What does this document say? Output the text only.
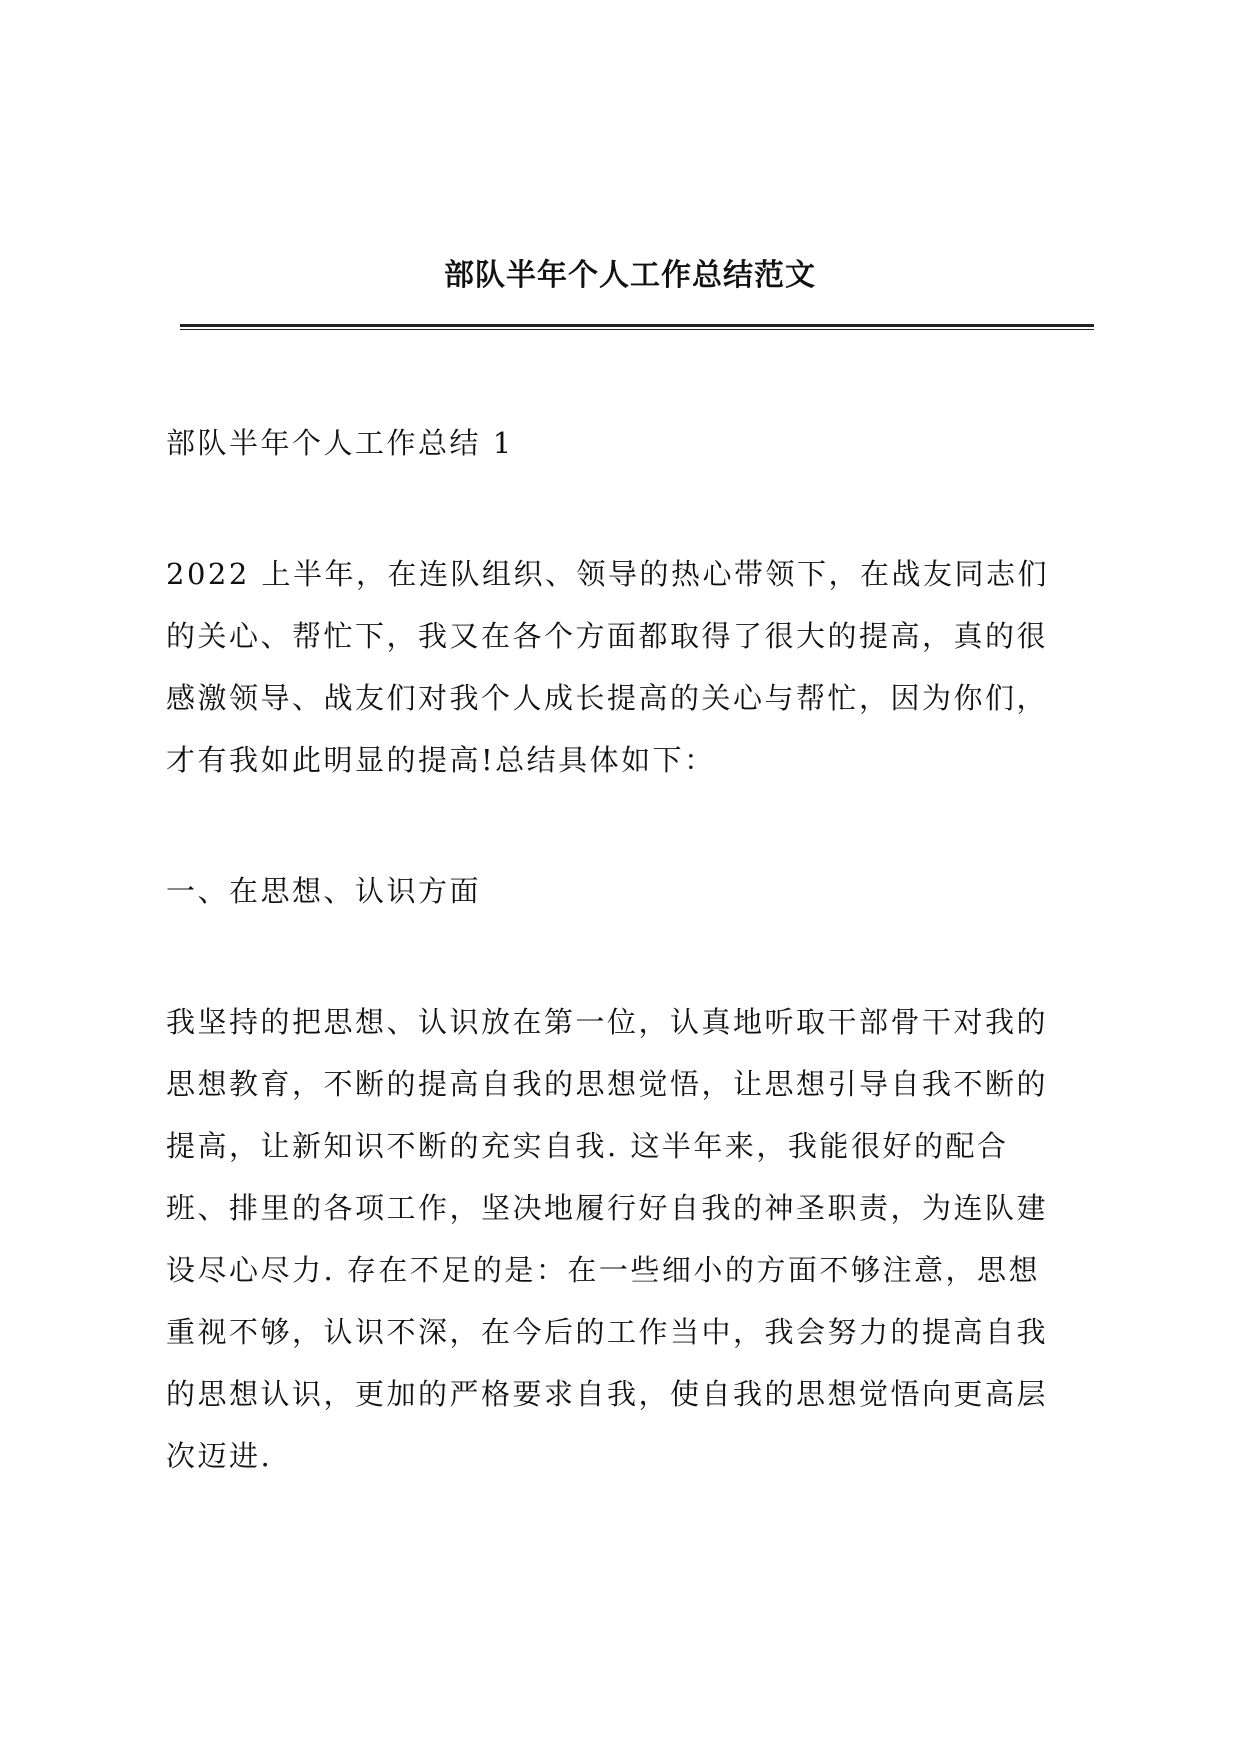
部队半年个人工作总结范文
部队半年个人工作总结 1
2022 上半年，在连队组织、领导的热心带领下，在战友同志们
的关心、帮忙下，我又在各个方面都取得了很大的提高，真的很
感激领导、战友们对我个人成长提高的关心与帮忙，因为你们，
才有我如此明显的提高!总结具体如下：
一、在思想、认识方面
我坚持的把思想、认识放在第一位，认真地听取干部骨干对我的
思想教育，不断的提高自我的思想觉悟，让思想引导自我不断的
提高，让新知识不断的充实自我. 这半年来，我能很好的配合
班、排里的各项工作，坚决地履行好自我的神圣职责，为连队建
设尽心尽力. 存在不足的是：在一些细小的方面不够注意，思想
重视不够，认识不深，在今后的工作当中，我会努力的提高自我
的思想认识，更加的严格要求自我，使自我的思想觉悟向更高层
次迈进.
